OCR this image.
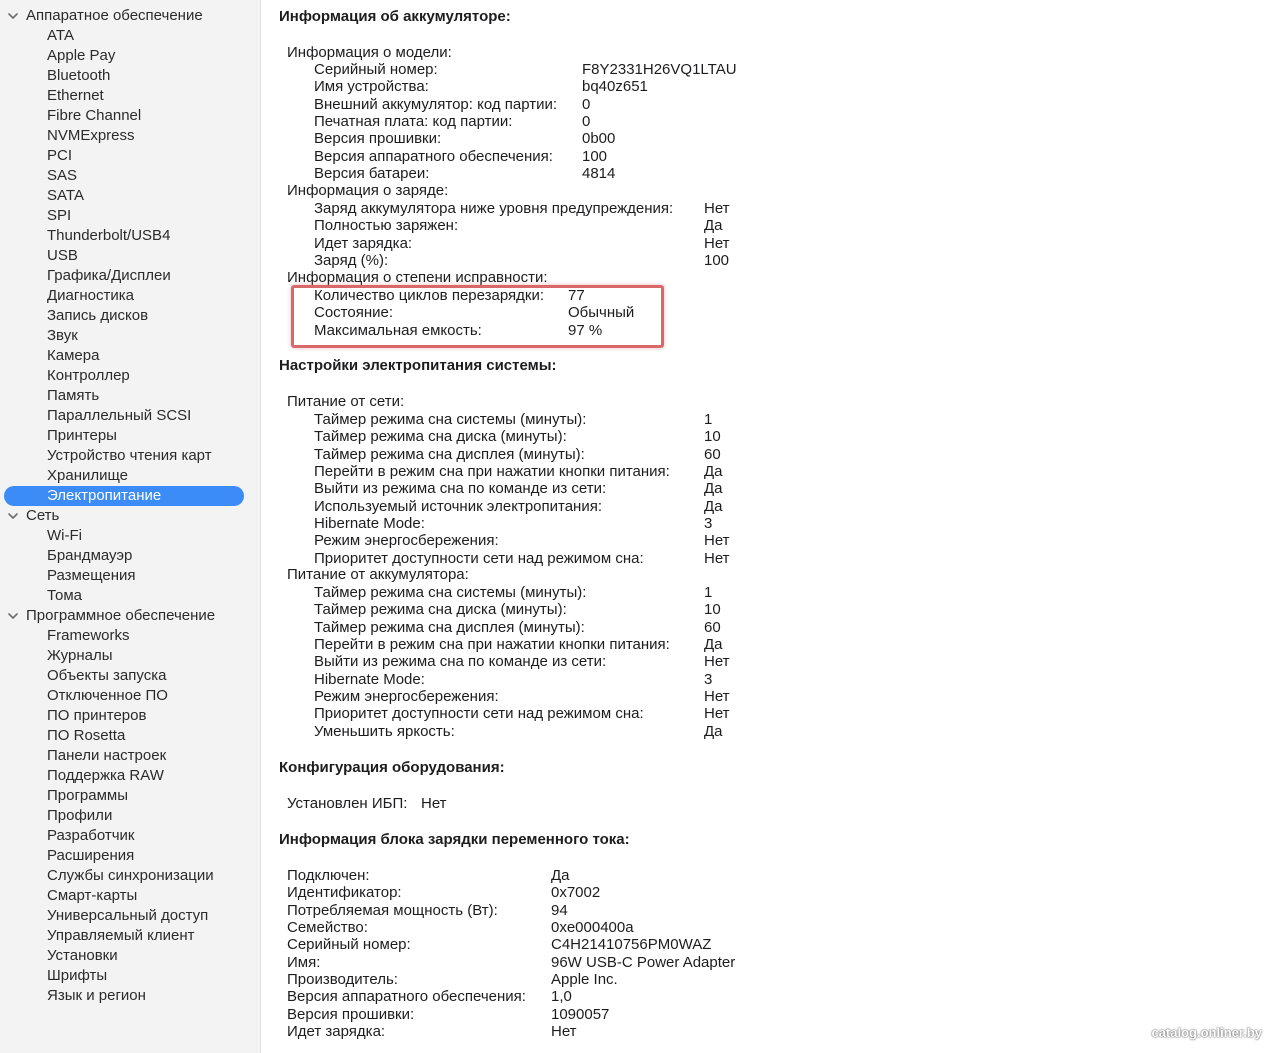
Аппаратное обеспечение
ATA
Apple Pay
Bluetooth
Ethernet
Fibre Channel
NVMExpress
PCI
SAS
SATA
SPI
Thunderbolt/USB4
USB
Графика/Дисплеи
Диагностика
Запись дисков
Звук
Камера
Контроллер
Память
Параллельный SCSI
Принтеры
Устройство чтения карт
Хранилище
Электропитание
Сеть
Wi-Fi
Брандмауэр
Размещения
Тома
Программное обеспечение
Frameworks
Журналы
Объекты запуска
Отключенное ПО
ПО принтеров
ПО Rosetta
Панели настроек
Поддержка RAW
Программы
Профили
Разработчик
Расширения
Службы синхронизации
Смарт-карты
Универсальный доступ
Управляемый клиент
Установки
Шрифты
Язык и регион
Информация об аккумуляторе:
Информация о модели:
Серийный номер:	F8Y2331H26VQ1LTAU
Имя устройства:	bq40z651
Внешний аккумулятор: код партии: 0
Печатная плата: код партии:	0
Версия прошивки:	0b00
Версия аппаратного обеспечения: 100
Версия батареи:	4814
Информация о заряде:
Заряд аккумулятора ниже уровня предупреждения: Нет
Полностью заряжен:	Да
Идет зарядка:	Нет
Заряд (%):	100
Информация о степени исправности:
Количество циклов перезарядки: 77
Состояние:	Обычный
Максимальная емкость:	97 %
Настройки электропитания системы:
Питание от сети:
Таймер режима сна системы (минуты):	1
Таймер режима сна диска (минуты):	10
Таймер режима сна дисплея (минуты):	60
Перейти в режим сна при нажатии кнопки питания: Да
Выйти из режима сна по команде из сети:	Да
Используемый источник электропитания:	Да
Hibernate Mode:	3
Режим энергосбережения:	Нет
Приоритет доступности сети над режимом сна:	Нет
Питание от аккумулятора:
Таймер режима сна системы (минуты):	1
Таймер режима сна диска (минуты):	10
Таймер режима сна дисплея (минуты):	60
Перейти в режим сна при нажатии кнопки питания: Да
Выйти из режима сна по команде из сети:	Нет
Hibernate Mode:	3
Режим энергосбережения:	Нет
Приоритет доступности сети над режимом сна:	Нет
Уменьшить яркость:	Да
Конфигурация оборудования:
Установлен ИБП: Нет
Информация блока зарядки переменного тока:
Подключен:	Да
Идентификатор:	0x7002
Потребляемая мощность (Вт):	94
Семейство:	0xe000400a
Серийный номер:	C4H21410756PM0WAZ
Имя:	96W USB-C Power Adapter
Производитель:	Apple Inc.
Версия аппаратного обеспечения: 1,0
Версия прошивки:	1090057
Идет зарядка:	Нет	catalog.onliner.by
